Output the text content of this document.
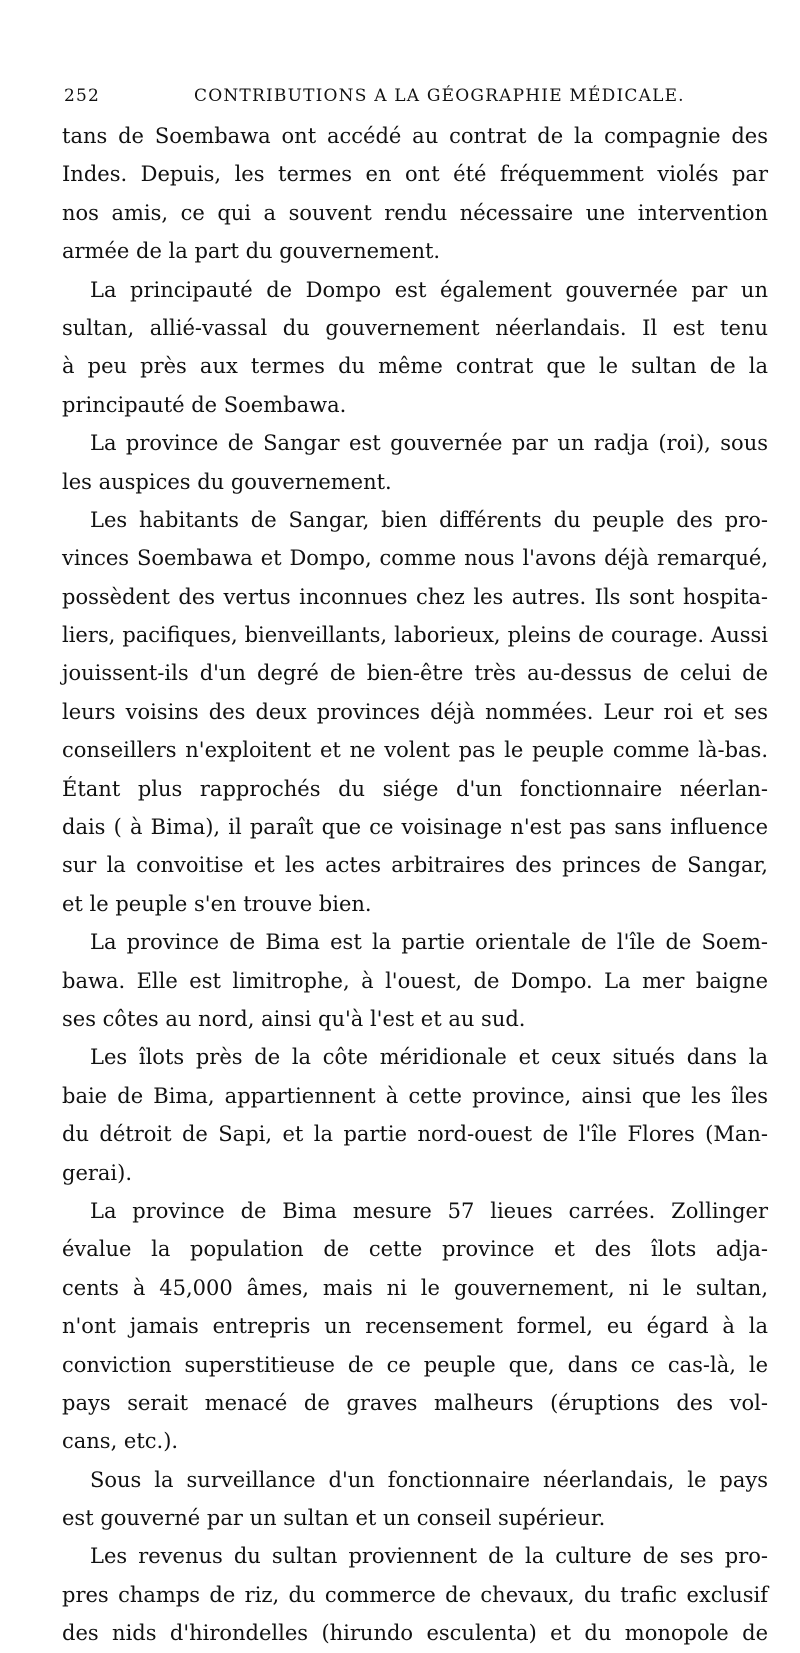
252	CONTRIBUTIONS A LA GÉOGRAPHIE MÉDICALE.
tans de Soembawa ont accédé au contrat de la compagnie des
Indes. Depuis, les termes en ont été fréquemment violés par
nos amis, ce qui a souvent rendu nécessaire une intervention
armée de la part du gouvernement.
La principauté de Dompo est également gouvernée par un
sultan, allié-vassal du gouvernement néerlandais. Il est tenu
à peu près aux termes du même contrat que le sultan de la
principauté de Soembawa.
La province de Sangar est gouvernée par un radja (roi), sous
les auspices du gouvernement.
Les habitants de Sangar, bien différents du peuple des pro-
vinces Soembawa et Dompo, comme nous l'avons déjà remarqué,
possèdent des vertus inconnues chez les autres. Ils sont hospita-
liers, pacifiques, bienveillants, laborieux, pleins de courage. Aussi
jouissent-ils d'un degré de bien-être très au-dessus de celui de
leurs voisins des deux provinces déjà nommées. Leur roi et ses
conseillers n'exploitent et ne volent pas le peuple comme là-bas.
Étant plus rapprochés du siége d'un fonctionnaire néerlan-
dais ( à Bima), il paraît que ce voisinage n'est pas sans influence
sur la convoitise et les actes arbitraires des princes de Sangar,
et le peuple s'en trouve bien.
La province de Bima est la partie orientale de l'île de Soem-
bawa. Elle est limitrophe, à l'ouest, de Dompo. La mer baigne
ses côtes au nord, ainsi qu'à l'est et au sud.
Les îlots près de la côte méridionale et ceux situés dans la
baie de Bima, appartiennent à cette province, ainsi que les îles
du détroit de Sapi, et la partie nord-ouest de l'île Flores (Man-
gerai).
La province de Bima mesure 57 lieues carrées. Zollinger
évalue la population de cette province et des îlots adja-
cents à 45,000 âmes, mais ni le gouvernement, ni le sultan,
n'ont jamais entrepris un recensement formel, eu égard à la
conviction superstitieuse de ce peuple que, dans ce cas-là, le
pays serait menacé de graves malheurs (éruptions des vol-
cans, etc.).
Sous la surveillance d'un fonctionnaire néerlandais, le pays
est gouverné par un sultan et un conseil supérieur.
Les revenus du sultan proviennent de la culture de ses pro-
pres champs de riz, du commerce de chevaux, du trafic exclusif
des nids d'hirondelles (hirundo esculenta) et du monopole de
